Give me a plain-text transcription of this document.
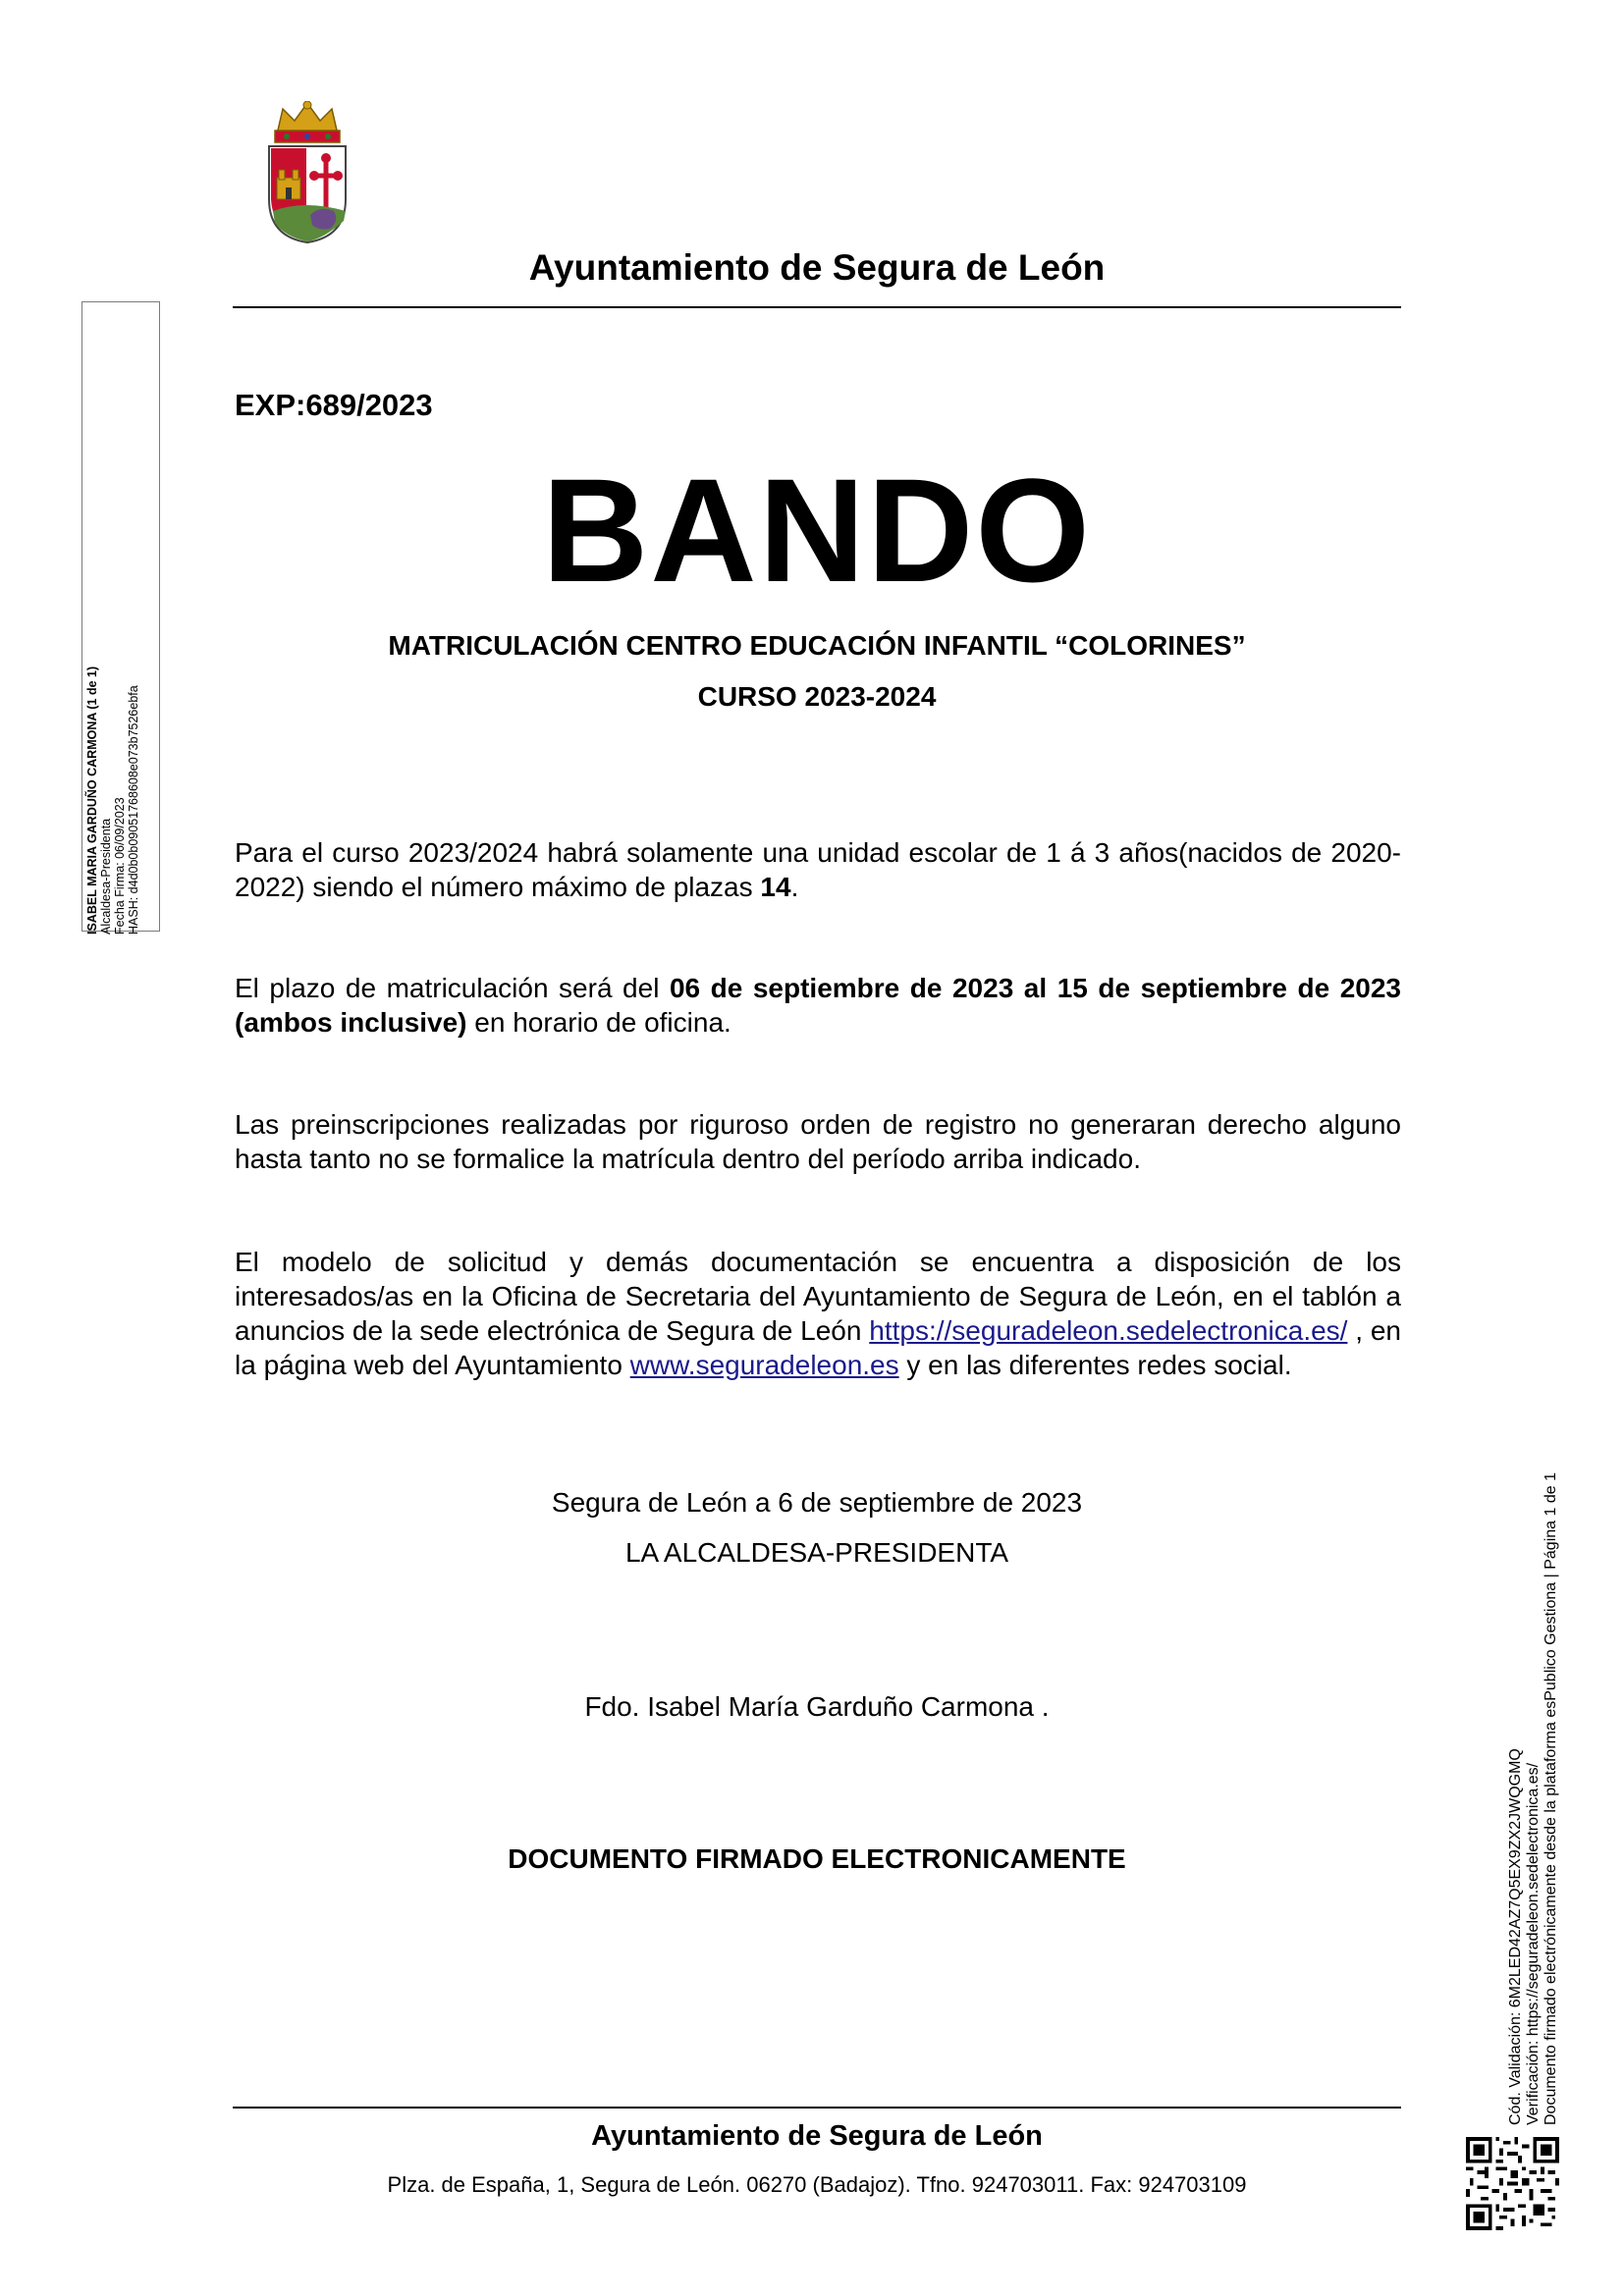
Ayuntamiento de Segura de León
ISABEL MARIA GARDUÑO CARMONA (1 de 1) Alcaldesa-Presidenta Fecha Firma: 06/09/2023 HASH: d4d0b0b09051768608e073b7526ebfa
EXP:689/2023
BANDO
MATRICULACIÓN CENTRO EDUCACIÓN INFANTIL “COLORINES”
CURSO 2023-2024
Para el curso 2023/2024 habrá solamente una unidad escolar de 1 á 3 años(nacidos de 2020-2022) siendo el número máximo de plazas 14.
El plazo de matriculación será del 06 de septiembre de 2023 al 15 de septiembre de 2023 (ambos inclusive) en horario de oficina.
Las preinscripciones realizadas por riguroso orden de registro no generaran derecho alguno hasta tanto no se formalice la matrícula dentro del período arriba indicado.
El modelo de solicitud y demás documentación se encuentra a disposición de los interesados/as en la Oficina de Secretaria del Ayuntamiento de Segura de León, en el tablón a anuncios de la sede electrónica de Segura de León https://seguradeleon.sedelectronica.es/ , en la página web del Ayuntamiento www.seguradeleon.es y en las diferentes redes social.
Segura de León a 6 de septiembre de 2023
LA ALCALDESA-PRESIDENTA
Fdo. Isabel María Garduño Carmona .
DOCUMENTO FIRMADO ELECTRONICAMENTE
Ayuntamiento de Segura de León
Plza. de España, 1, Segura de León. 06270 (Badajoz). Tfno. 924703011. Fax: 924703109
Cód. Validación: 6M2LED42AZ7Q5EX9ZX2JWQGMQ Verificación: https://seguradeleon.sedelectronica.es/ Documento firmado electrónicamente desde la plataforma esPublico Gestiona | Página 1 de 1
